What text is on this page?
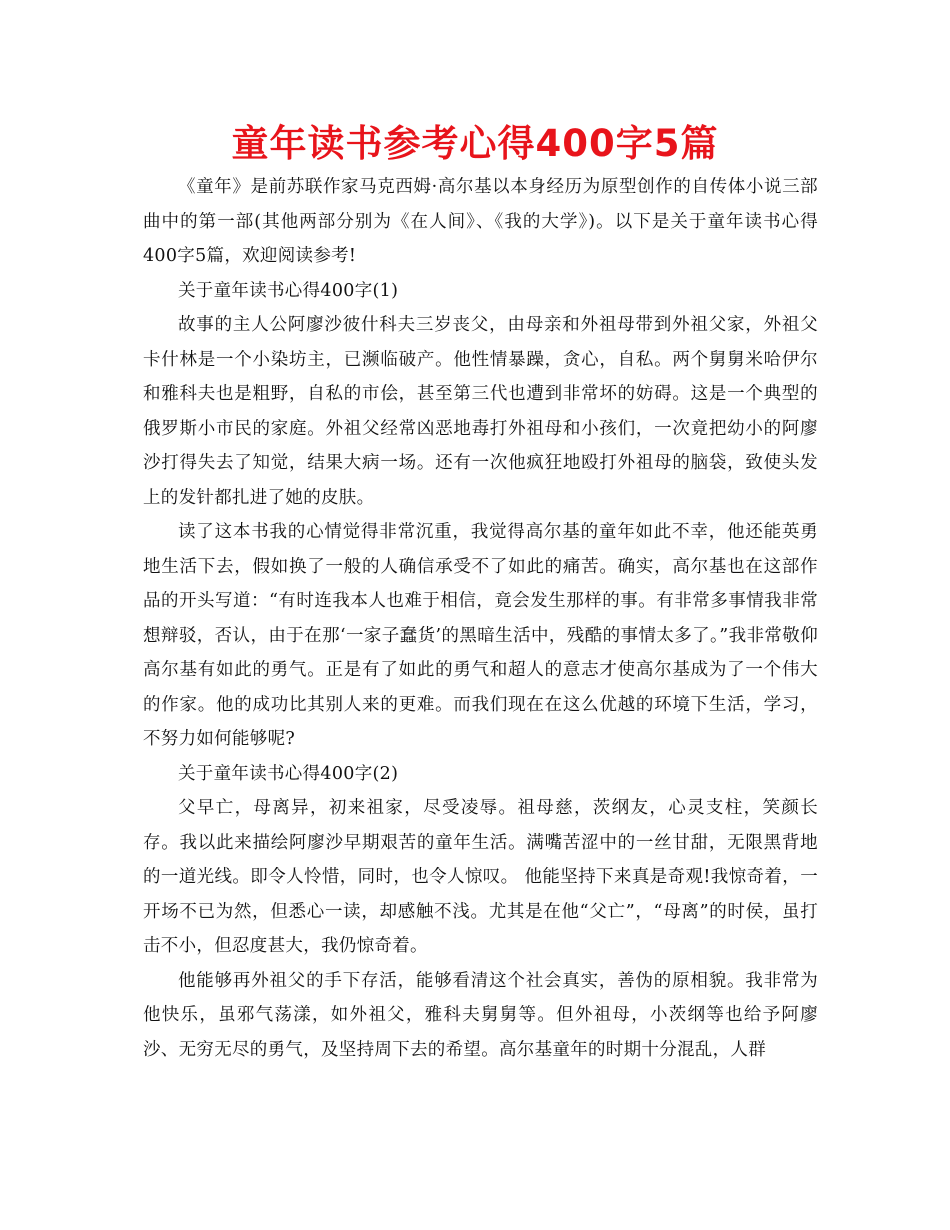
童年读书参考心得400字5篇

《童年》是前苏联作家马克西姆·高尔基以本身经历为原型创作的自传体小说三部曲中的第一部(其他两部分别为《在人间》、《我的大学》)。以下是关于童年读书心得400字5篇，欢迎阅读参考!

关于童年读书心得400字(1)

故事的主人公阿廖沙彼什科夫三岁丧父，由母亲和外祖母带到外祖父家，外祖父卡什林是一个小染坊主，已濒临破产。他性情暴躁，贪心，自私。两个舅舅米哈伊尔和雅科夫也是粗野，自私的市侩，甚至第三代也遭到非常坏的妨碍。这是一个典型的俄罗斯小市民的家庭。外祖父经常凶恶地毒打外祖母和小孩们，一次竟把幼小的阿廖沙打得失去了知觉，结果大病一场。还有一次他疯狂地殴打外祖母的脑袋，致使头发上的发针都扎进了她的皮肤。

读了这本书我的心情觉得非常沉重，我觉得高尔基的童年如此不幸，他还能英勇地生活下去，假如换了一般的人确信承受不了如此的痛苦。确实，高尔基也在这部作品的开头写道：“有时连我本人也难于相信，竟会发生那样的事。有非常多事情我非常想辩驳，否认，由于在那‘一家子蠢货’的黑暗生活中，残酷的事情太多了。”我非常敬仰高尔基有如此的勇气。正是有了如此的勇气和超人的意志才使高尔基成为了一个伟大的作家。他的成功比其别人来的更难。而我们现在在这么优越的环境下生活，学习，不努力如何能够呢?

关于童年读书心得400字(2)

父早亡，母离异，初来祖家，尽受凌辱。祖母慈，茨纲友，心灵支柱，笑颜长存。我以此来描绘阿廖沙早期艰苦的童年生活。满嘴苦涩中的一丝甘甜，无限黑背地的一道光线。即令人怜惜，同时，也令人惊叹。 他能坚持下来真是奇观!我惊奇着，一开场不已为然，但悉心一读，却感触不浅。尤其是在他“父亡”，“母离”的时侯，虽打击不小，但忍度甚大，我仍惊奇着。

他能够再外祖父的手下存活，能够看清这个社会真实，善伪的原相貌。我非常为他快乐，虽邪气荡漾，如外祖父，雅科夫舅舅等。但外祖母，小茨纲等也给予阿廖沙、无穷无尽的勇气，及坚持周下去的希望。高尔基童年的时期十分混乱，人群
